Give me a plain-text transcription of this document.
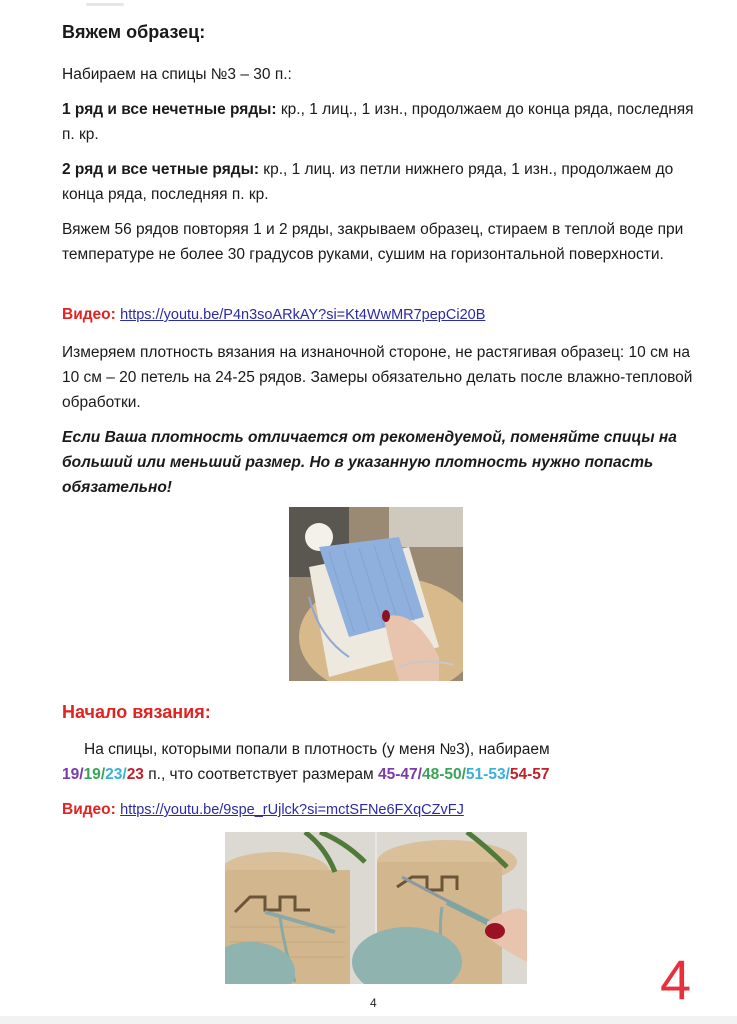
Вяжем образец:
Набираем на спицы №3 – 30 п.:
1 ряд и все нечетные ряды: кр., 1 лиц., 1 изн., продолжаем до конца ряда, последняя п. кр.
2 ряд и все четные ряды: кр., 1 лиц. из петли нижнего ряда, 1 изн., продолжаем до конца ряда, последняя п. кр.
Вяжем 56 рядов повторяя 1 и 2 ряды, закрываем образец, стираем в теплой воде при температуре не более 30 градусов руками, сушим на горизонтальной поверхности.
Видео: https://youtu.be/P4n3soARkAY?si=Kt4WwMR7pepCi20B
Измеряем плотность вязания на изнаночной стороне, не растягивая образец: 10 см на 10 см – 20 петель на 24-25 рядов. Замеры обязательно делать после влажно-тепловой обработки.
Если Ваша плотность отличается от рекомендуемой, поменяйте спицы на больший или меньший размер. Но в указанную плотность нужно попасть обязательно!
Начало вязания:
На спицы, которыми попали в плотность (у меня №3), набираем
19/19/23/23 п., что соответствует размерам 45-47/48-50/51-53/54-57
Видео: https://youtu.be/9spe_rUjlck?si=mctSFNe6FXqCZvFJ
4	4
